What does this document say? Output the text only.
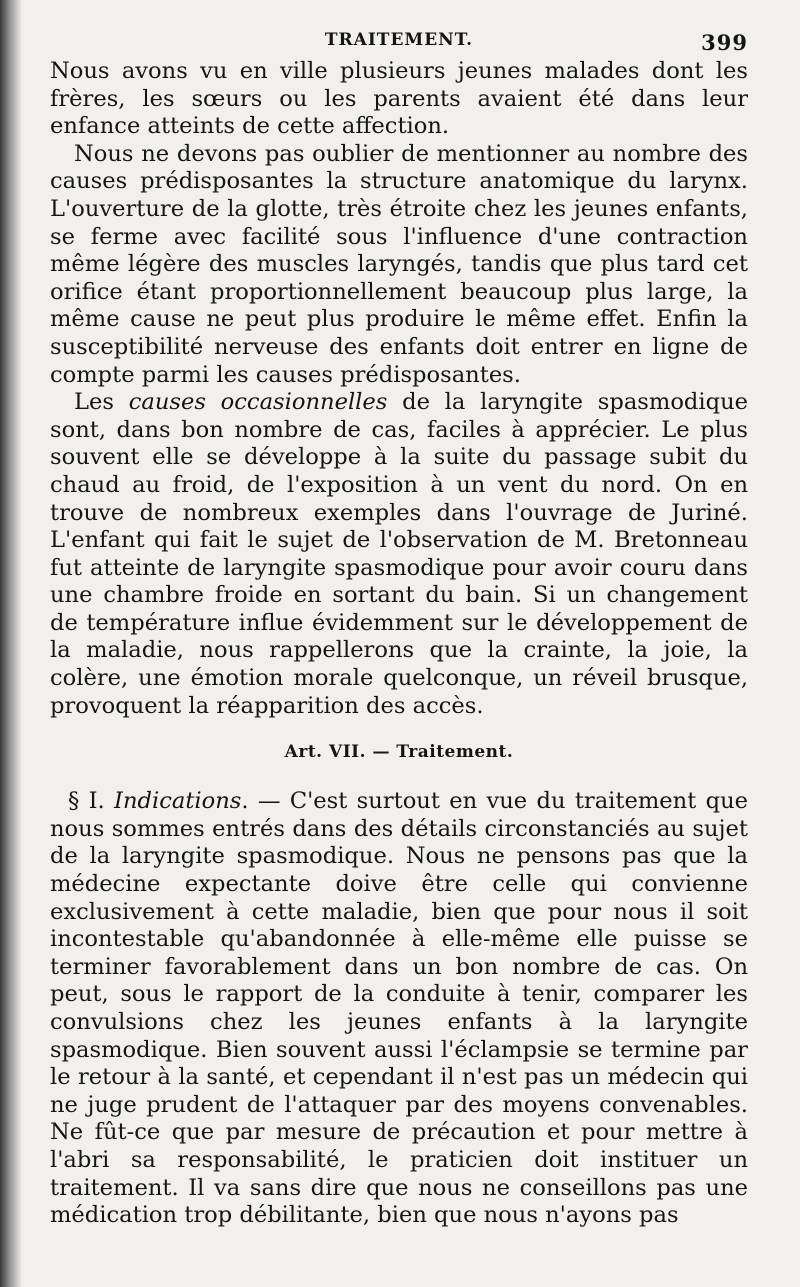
TRAITEMENT.	399

Nous avons vu en ville plusieurs jeunes malades dont les frères, les sœurs ou les parents avaient été dans leur enfance atteints de cette affection.

Nous ne devons pas oublier de mentionner au nombre des causes prédisposantes la structure anatomique du larynx. L'ouverture de la glotte, très étroite chez les jeunes enfants, se ferme avec facilité sous l'influence d'une contraction même légère des muscles laryngés, tandis que plus tard cet orifice étant proportionnellement beaucoup plus large, la même cause ne peut plus produire le même effet. Enfin la susceptibilité nerveuse des enfants doit entrer en ligne de compte parmi les causes prédisposantes.

Les causes occasionnelles de la laryngite spasmodique sont, dans bon nombre de cas, faciles à apprécier. Le plus souvent elle se développe à la suite du passage subit du chaud au froid, de l'exposition à un vent du nord. On en trouve de nombreux exemples dans l'ouvrage de Juriné. L'enfant qui fait le sujet de l'observation de M. Bretonneau fut atteinte de laryngite spasmodique pour avoir couru dans une chambre froide en sortant du bain. Si un changement de température influe évidemment sur le développement de la maladie, nous rappellerons que la crainte, la joie, la colère, une émotion morale quelconque, un réveil brusque, provoquent la réapparition des accès.

Art. VII. — Traitement.

§ I. Indications. — C'est surtout en vue du traitement que nous sommes entrés dans des détails circonstanciés au sujet de la laryngite spasmodique. Nous ne pensons pas que la médecine expectante doive être celle qui convienne exclusivement à cette maladie, bien que pour nous il soit incontestable qu'abandonnée à elle-même elle puisse se terminer favorablement dans un bon nombre de cas. On peut, sous le rapport de la conduite à tenir, comparer les convulsions chez les jeunes enfants à la laryngite spasmodique. Bien souvent aussi l'éclampsie se termine par le retour à la santé, et cependant il n'est pas un médecin qui ne juge prudent de l'attaquer par des moyens convenables. Ne fût-ce que par mesure de précaution et pour mettre à l'abri sa responsabilité, le praticien doit instituer un traitement. Il va sans dire que nous ne conseillons pas une médication trop débilitante, bien que nous n'ayons pas
